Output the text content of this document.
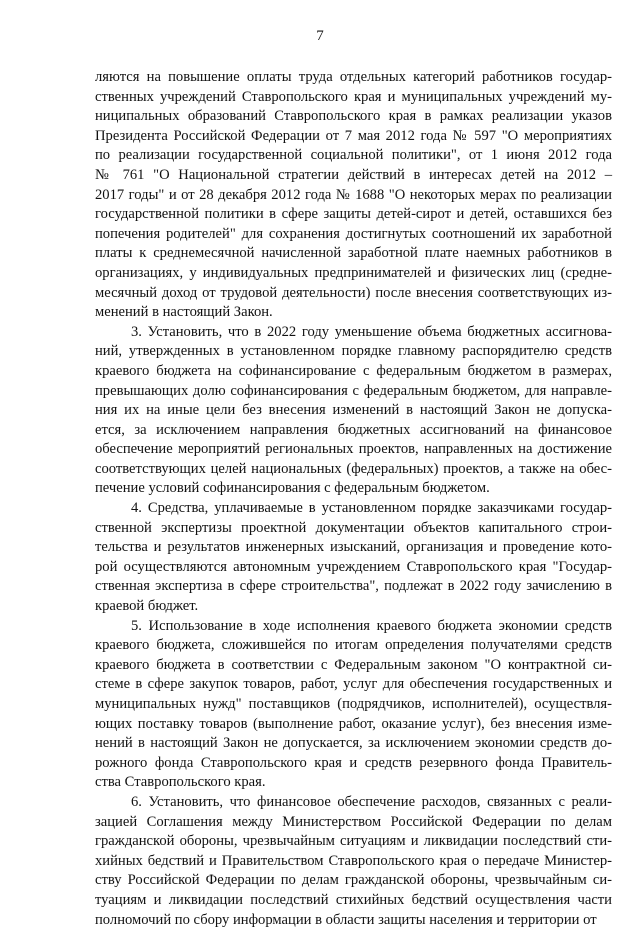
7
ляются на повышение оплаты труда отдельных категорий работников государ-
ственных учреждений Ставропольского края и муниципальных учреждений му-
ниципальных образований Ставропольского края в рамках реализации указов
Президента Российской Федерации от 7 мая 2012 года № 597 "О мероприятиях
по реализации государственной социальной политики", от 1 июня 2012 года
№ 761 "О Национальной стратегии действий в интересах детей на 2012 –
2017 годы" и от 28 декабря 2012 года № 1688 "О некоторых мерах по реализации
государственной политики в сфере защиты детей-сирот и детей, оставшихся без
попечения родителей" для сохранения достигнутых соотношений их заработной
платы к среднемесячной начисленной заработной плате наемных работников в
организациях, у индивидуальных предпринимателей и физических лиц (средне-
месячный доход от трудовой деятельности) после внесения соответствующих из-
менений в настоящий Закон.
3. Установить, что в 2022 году уменьшение объема бюджетных ассигнова-
ний, утвержденных в установленном порядке главному распорядителю средств
краевого бюджета на софинансирование с федеральным бюджетом в размерах,
превышающих долю софинансирования с федеральным бюджетом, для направле-
ния их на иные цели без внесения изменений в настоящий Закон не допуска-
ется, за исключением направления бюджетных ассигнований на финансовое
обеспечение мероприятий региональных проектов, направленных на достижение
соответствующих целей национальных (федеральных) проектов, а также на обес-
печение условий софинансирования с федеральным бюджетом.
4. Средства, уплачиваемые в установленном порядке заказчиками государ-
ственной экспертизы проектной документации объектов капитального строи-
тельства и результатов инженерных изысканий, организация и проведение кото-
рой осуществляются автономным учреждением Ставропольского края "Государ-
ственная экспертиза в сфере строительства", подлежат в 2022 году зачислению в
краевой бюджет.
5. Использование в ходе исполнения краевого бюджета экономии средств
краевого бюджета, сложившейся по итогам определения получателями средств
краевого бюджета в соответствии с Федеральным законом "О контрактной си-
стеме в сфере закупок товаров, работ, услуг для обеспечения государственных и
муниципальных нужд" поставщиков (подрядчиков, исполнителей), осуществля-
ющих поставку товаров (выполнение работ, оказание услуг), без внесения изме-
нений в настоящий Закон не допускается, за исключением экономии средств до-
рожного фонда Ставропольского края и средств резервного фонда Правитель-
ства Ставропольского края.
6. Установить, что финансовое обеспечение расходов, связанных с реали-
зацией Соглашения между Министерством Российской Федерации по делам
гражданской обороны, чрезвычайным ситуациям и ликвидации последствий сти-
хийных бедствий и Правительством Ставропольского края о передаче Министер-
ству Российской Федерации по делам гражданской обороны, чрезвычайным си-
туациям и ликвидации последствий стихийных бедствий осуществления части
полномочий по сбору информации в области защиты населения и территории от
